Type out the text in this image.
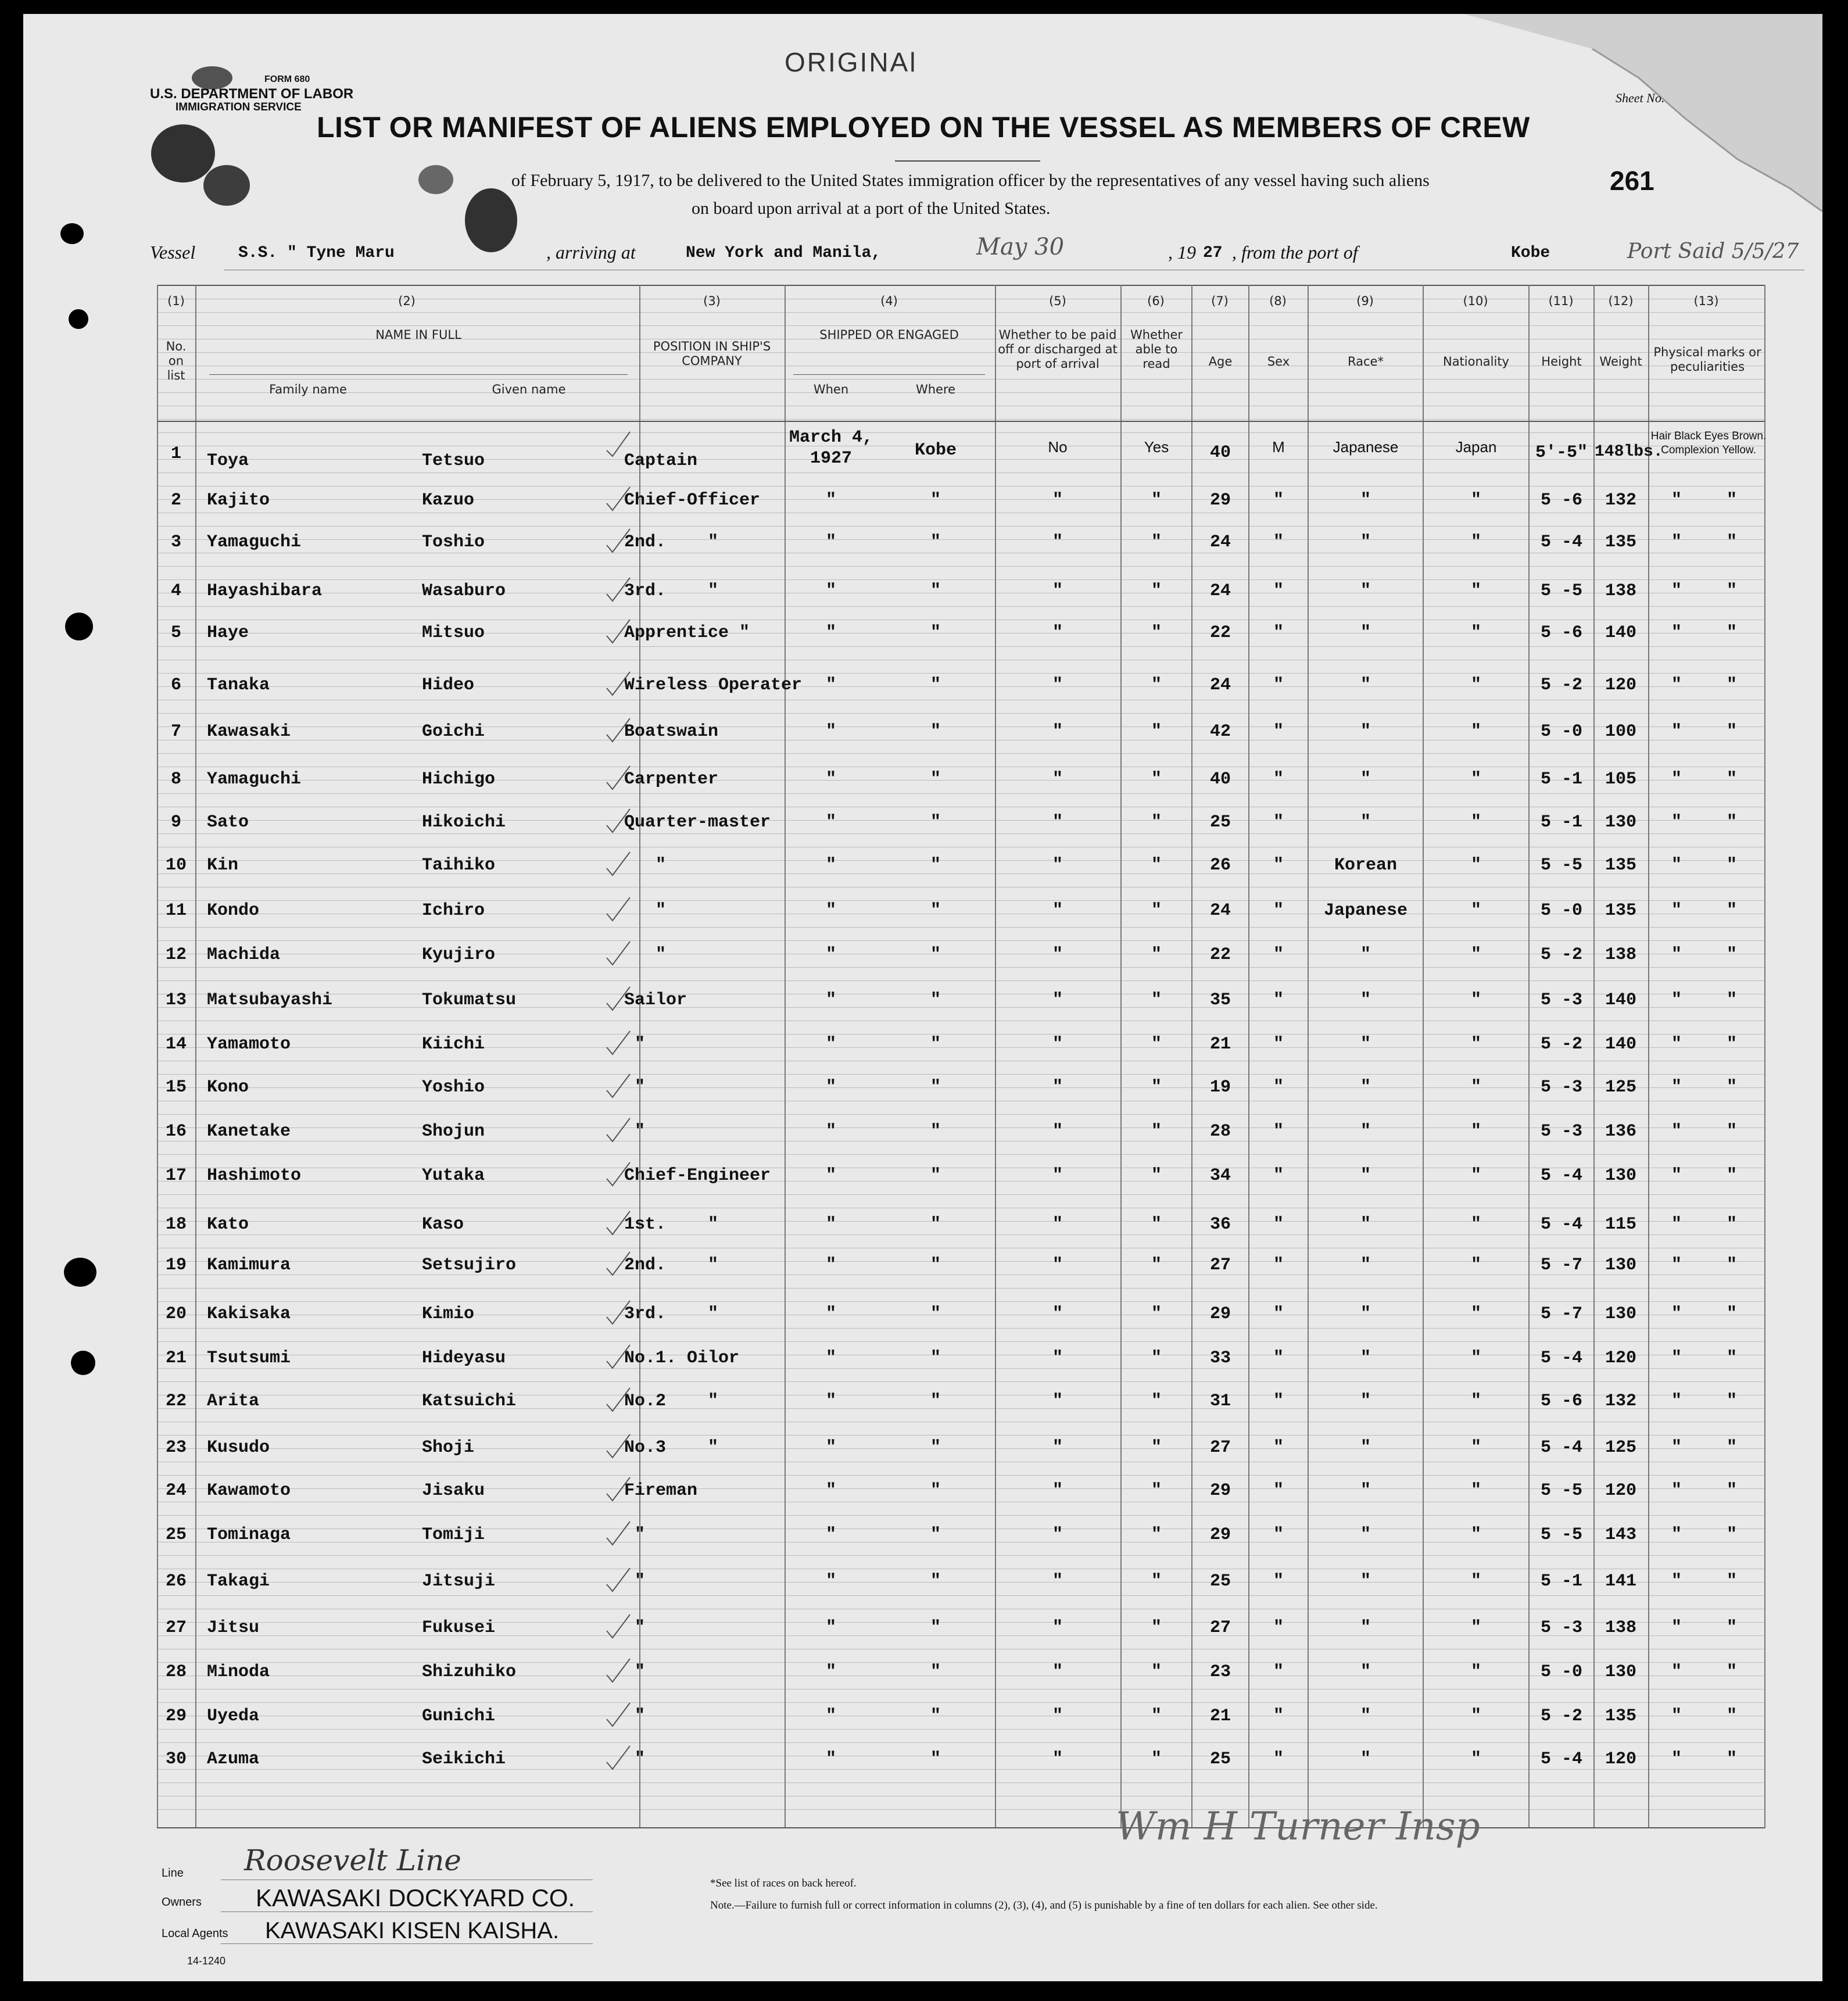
ORIGINAl
FORM 680
U.S. DEPARTMENT OF LABOR
IMMIGRATION SERVICE
LIST OR MANIFEST OF ALIENS EMPLOYED ON THE VESSEL AS MEMBERS OF CREW
Sheet No.
of February 5, 1917, to be delivered to the United States immigration officer by the representatives of any vessel having such aliens
on board upon arrival at a port of the United States.
261
Vessel	S.S. " Tyne Maru	, arriving at	New York and Manila,	May 30	, 19 27 , from the port of	Kobe	Port Said 5/5/27
(1)	(2)	(3)	(4)	(5)	(6)	(7)	(8)	(9)	(10)	(11)	(12)	(13)
No. on list
NAME IN FULL
Family name	Given name
POSITION IN SHIP'S COMPANY
SHIPPED OR ENGAGED
When	Where
Whether to be paid off or discharged at port of arrival
Whether able to read	Age	Sex	Race*	Nationality	Height	Weight
Physical marks or peculiarities
1	Toya	Tetsuo	Captain
March 4,
1927	Kobe	No	Yes	40	M	Japanese	Japan	5'-5" 148lbs.
Hair Black Eyes Brown.
Complexion Yellow.
2	Kajito	Kazuo	Chief-Officer	"	"	"	"	29	"	"	"	5 -6	132	"	"
3	Yamaguchi	Toshio	2nd.    "	"	"	"	"	24	"	"	"	5 -4	135	"	"
4	Hayashibara	Wasaburo	3rd.    "	"	"	"	"	24	"	"	"	5 -5	138	"	"
5	Haye	Mitsuo	Apprentice "	"	"	"	"	22	"	"	"	5 -6	140	"	"
6	Tanaka	Hideo	Wireless Operater	"	"	"	"	24	"	"	"	5 -2	120	"	"
7	Kawasaki	Goichi	Boatswain	"	"	"	"	42	"	"	"	5 -0	100	"	"
8	Yamaguchi	Hichigo	Carpenter	"	"	"	"	40	"	"	"	5 -1	105	"	"
9	Sato	Hikoichi	Quarter-master	"	"	"	"	25	"	"	"	5 -1	130	"	"
10	Kin	Taihiko	"	"	"	"	"	26	"	Korean	"	5 -5	135	"	"
11	Kondo	Ichiro	"	"	"	"	"	24	"	Japanese	"	5 -0	135	"	"
12	Machida	Kyujiro	"	"	"	"	"	22	"	"	"	5 -2	138	"	"
13	Matsubayashi	Tokumatsu	Sailor	"	"	"	"	35	"	"	"	5 -3	140	"	"
14	Yamamoto	Kiichi	"	"	"	"	"	21	"	"	"	5 -2	140	"	"
15	Kono	Yoshio	"	"	"	"	"	19	"	"	"	5 -3	125	"	"
16	Kanetake	Shojun	"	"	"	"	"	28	"	"	"	5 -3	136	"	"
17	Hashimoto	Yutaka	Chief-Engineer	"	"	"	"	34	"	"	"	5 -4	130	"	"
18	Kato	Kaso	1st.    "	"	"	"	"	36	"	"	"	5 -4	115	"	"
19	Kamimura	Setsujiro	2nd.    "	"	"	"	"	27	"	"	"	5 -7	130	"	"
20	Kakisaka	Kimio	3rd.    "	"	"	"	"	29	"	"	"	5 -7	130	"	"
21	Tsutsumi	Hideyasu	No.1. Oilor	"	"	"	"	33	"	"	"	5 -4	120	"	"
22	Arita	Katsuichi	No.2    "	"	"	"	"	31	"	"	"	5 -6	132	"	"
23	Kusudo	Shoji	No.3    "	"	"	"	"	27	"	"	"	5 -4	125	"	"
24	Kawamoto	Jisaku	Fireman	"	"	"	"	29	"	"	"	5 -5	120	"	"
25	Tominaga	Tomiji	"	"	"	"	"	29	"	"	"	5 -5	143	"	"
26	Takagi	Jitsuji	"	"	"	"	"	25	"	"	"	5 -1	141	"	"
27	Jitsu	Fukusei	"	"	"	"	"	27	"	"	"	5 -3	138	"	"
28	Minoda	Shizuhiko	"	"	"	"	"	23	"	"	"	5 -0	130	"	"
29	Uyeda	Gunichi	"	"	"	"	"	21	"	"	"	5 -2	135	"	"
30	Azuma	Seikichi	"	"	"	"	"	25	"	"	"	5 -4	120	"	"
Wm H Turner Insp
Line Roosevelt Line
Owners KAWASAKI DOCKYARD CO.
Local Agents KAWASAKI KISEN KAISHA.
14-1240
*See list of races on back hereof.
Note.—Failure to furnish full or correct information in columns (2), (3), (4), and (5) is punishable by a fine of ten dollars for each alien. See other side.
